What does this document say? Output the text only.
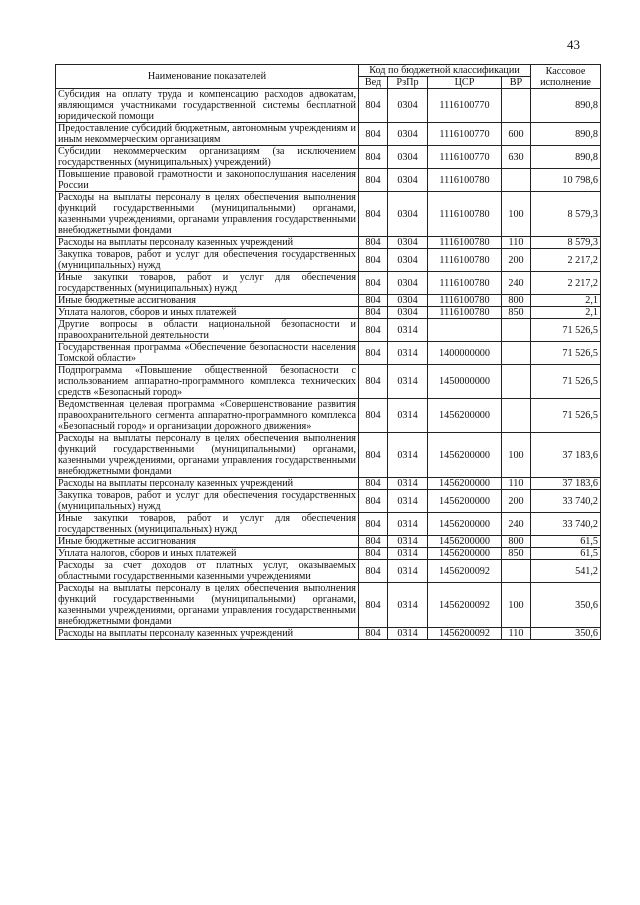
43
Наименование показателей	Код по бюджетной классификации				Кассовое исполнение
	Вед	РзПр	ЦСР	ВР	
Субсидия на оплату труда и компенсацию расходов адвокатам, являющимся участниками государственной системы бесплатной юридической помощи	804	0304	1116100770		890,8
Предоставление субсидий бюджетным, автономным учреждениям и иным некоммерческим организациям	804	0304	1116100770	600	890,8
Субсидии некоммерческим организациям (за исключением государственных (муниципальных) учреждений)	804	0304	1116100770	630	890,8
Повышение правовой грамотности и законопослушания населения России	804	0304	1116100780		10 798,6
Расходы на выплаты персоналу в целях обеспечения выполнения функций государственными (муниципальными) органами, казенными учреждениями, органами управления государственными внебюджетными фондами	804	0304	1116100780	100	8 579,3
Расходы на выплаты персоналу казенных учреждений	804	0304	1116100780	110	8 579,3
Закупка товаров, работ и услуг для обеспечения государственных (муниципальных) нужд	804	0304	1116100780	200	2 217,2
Иные закупки товаров, работ и услуг для обеспечения государственных (муниципальных) нужд	804	0304	1116100780	240	2 217,2
Иные бюджетные ассигнования	804	0304	1116100780	800	2,1
Уплата налогов, сборов и иных платежей	804	0304	1116100780	850	2,1
Другие вопросы в области национальной безопасности и правоохранительной деятельности	804	0314			71 526,5
Государственная программа «Обеспечение безопасности населения Томской области»	804	0314	1400000000		71 526,5
Подпрограмма «Повышение общественной безопасности с использованием аппаратно-программного комплекса технических средств «Безопасный город»	804	0314	1450000000		71 526,5
Ведомственная целевая программа «Совершенствование развития правоохранительного сегмента аппаратно-программного комплекса «Безопасный город» и организации дорожного движения»	804	0314	1456200000		71 526,5
Расходы на выплаты персоналу в целях обеспечения выполнения функций государственными (муниципальными) органами, казенными учреждениями, органами управления государственными внебюджетными фондами	804	0314	1456200000	100	37 183,6
Расходы на выплаты персоналу казенных учреждений	804	0314	1456200000	110	37 183,6
Закупка товаров, работ и услуг для обеспечения государственных (муниципальных) нужд	804	0314	1456200000	200	33 740,2
Иные закупки товаров, работ и услуг для обеспечения государственных (муниципальных) нужд	804	0314	1456200000	240	33 740,2
Иные бюджетные ассигнования	804	0314	1456200000	800	61,5
Уплата налогов, сборов и иных платежей	804	0314	1456200000	850	61,5
Расходы за счет доходов от платных услуг, оказываемых областными государственными казенными учреждениями	804	0314	1456200092		541,2
Расходы на выплаты персоналу в целях обеспечения выполнения функций государственными (муниципальными) органами, казенными учреждениями, органами управления государственными внебюджетными фондами	804	0314	1456200092	100	350,6
Расходы на выплаты персоналу казенных учреждений	804	0314	1456200092	110	350,6
